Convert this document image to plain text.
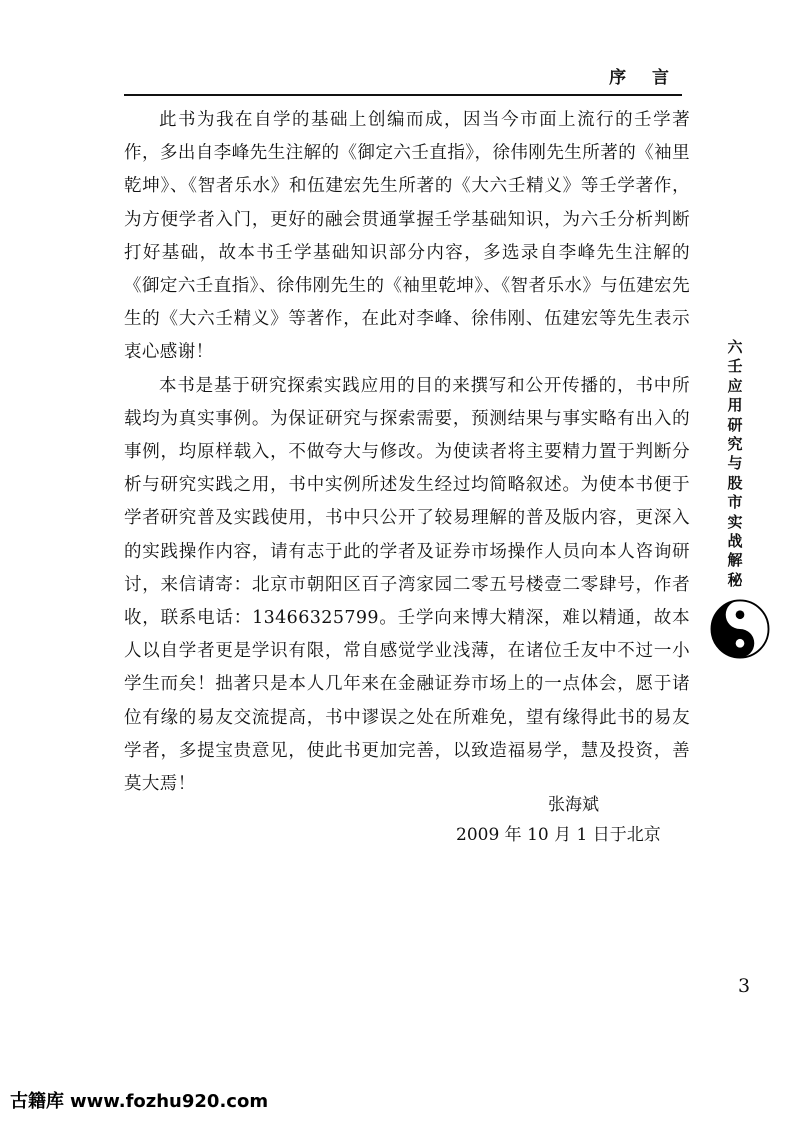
序 言

此书为我在自学的基础上创编而成，因当今市面上流行的壬学著作，多出自李峰先生注解的《御定六壬直指》，徐伟刚先生所著的《袖里乾坤》、《智者乐水》和伍建宏先生所著的《大六壬精义》等壬学著作，为方便学者入门，更好的融会贯通掌握壬学基础知识，为六壬分析判断打好基础，故本书壬学基础知识部分内容，多选录自李峰先生注解的《御定六壬直指》、徐伟刚先生的《袖里乾坤》、《智者乐水》与伍建宏先生的《大六壬精义》等著作，在此对李峰、徐伟刚、伍建宏等先生表示衷心感谢！

本书是基于研究探索实践应用的目的来撰写和公开传播的，书中所载均为真实事例。为保证研究与探索需要，预测结果与事实略有出入的事例，均原样载入，不做夸大与修改。为使读者将主要精力置于判断分析与研究实践之用，书中实例所述发生经过均简略叙述。为使本书便于学者研究普及实践使用，书中只公开了较易理解的普及版内容，更深入的实践操作内容，请有志于此的学者及证券市场操作人员向本人咨询研讨，来信请寄：北京市朝阳区百子湾家园二零五号楼壹二零肆号，作者收，联系电话：13466325799。壬学向来博大精深，难以精通，故本人以自学者更是学识有限，常自感觉学业浅薄，在诸位壬友中不过一小学生而矣！拙著只是本人几年来在金融证券市场上的一点体会，愿于诸位有缘的易友交流提高，书中谬误之处在所难免，望有缘得此书的易友学者，多提宝贵意见，使此书更加完善，以致造福易学，慧及投资，善莫大焉！

张海斌
2009 年 10 月 1 日于北京
六壬应用研究与股市实战解秘
3
古籍库 www.fozhu920.com
